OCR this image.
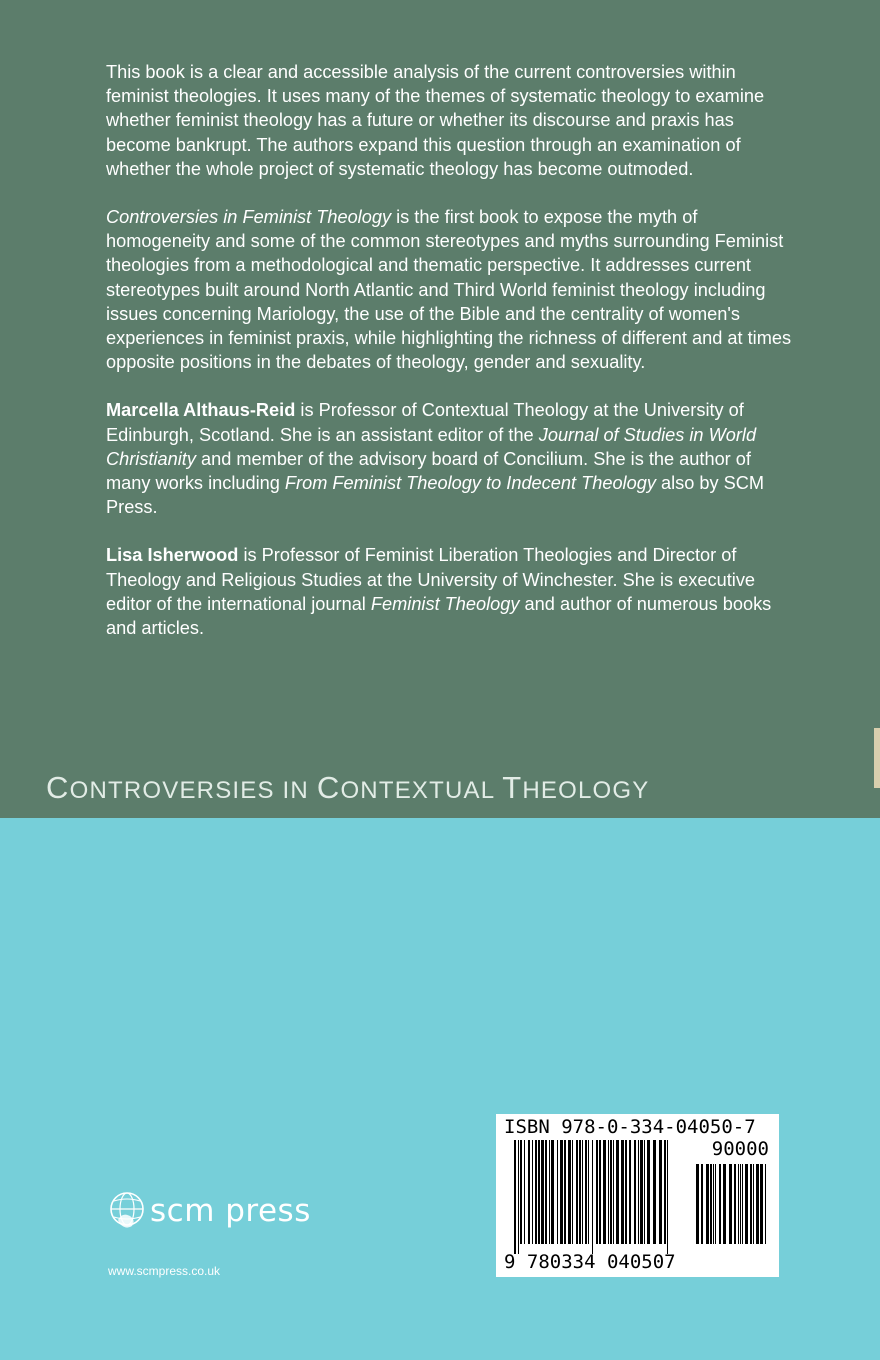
This book is a clear and accessible analysis of the current controversies within feminist theologies. It uses many of the themes of systematic theology to examine whether feminist theology has a future or whether its discourse and praxis has become bankrupt. The authors expand this question through an examination of whether the whole project of systematic theology has become outmoded.

Controversies in Feminist Theology is the first book to expose the myth of homogeneity and some of the common stereotypes and myths surrounding Feminist theologies from a methodological and thematic perspective. It addresses current stereotypes built around North Atlantic and Third World feminist theology including issues concerning Mariology, the use of the Bible and the centrality of women's experiences in feminist praxis, while highlighting the richness of different and at times opposite positions in the debates of theology, gender and sexuality.

Marcella Althaus-Reid is Professor of Contextual Theology at the University of Edinburgh, Scotland. She is an assistant editor of the Journal of Studies in World Christianity and member of the advisory board of Concilium. She is the author of many works including From Feminist Theology to Indecent Theology also by SCM Press.

Lisa Isherwood is Professor of Feminist Liberation Theologies and Director of Theology and Religious Studies at the University of Winchester. She is executive editor of the international journal Feminist Theology and author of numerous books and articles.

CONTROVERSIES IN CONTEXTUAL THEOLOGY
scm press
www.scmpress.co.uk
ISBN 978-0-334-04050-7
90000
9 780334 040507
